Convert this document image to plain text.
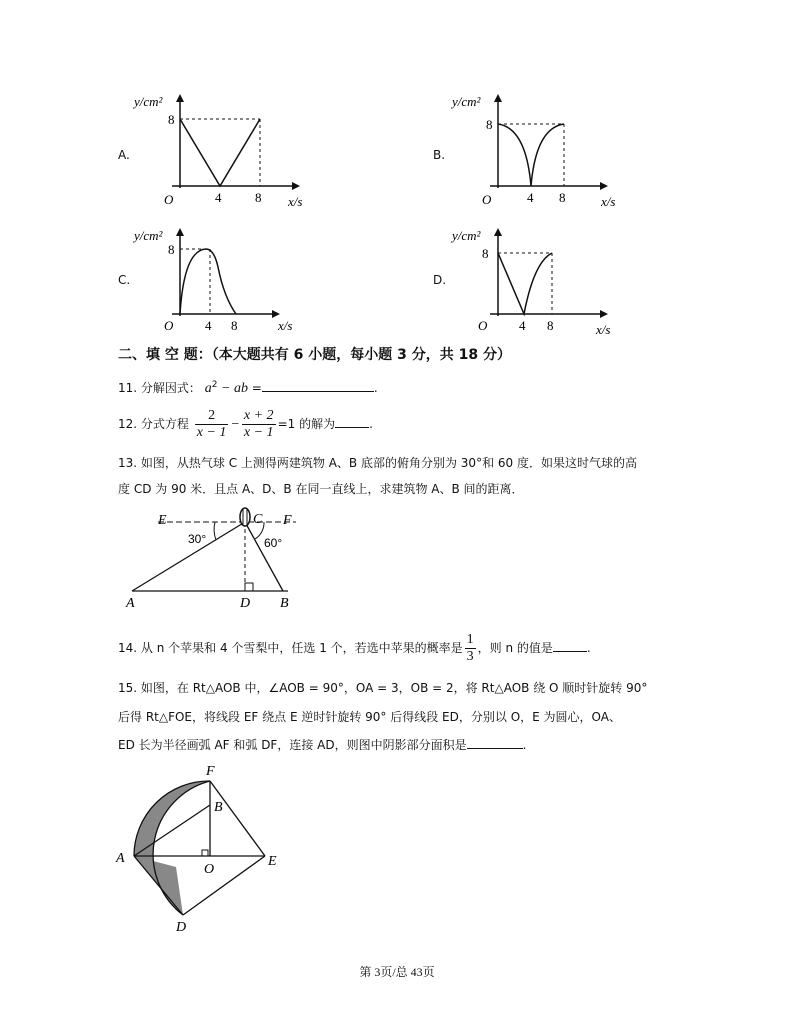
A.	B.
C.	D.
y/cm²
8
O	4	8 x/s
y/cm²
8
O	4 8	x/s
y/cm²
8
O 4 8	x/s
y/cm²
8
O 4 8	x/s
二、填 空 题：（本大题共有 6 小题，每小题 3 分，共 18 分）
11. 分解因式： $a^2$ − ab =	.
12. 分式方程 $\frac{2}{x - 1} - \frac{x + 2}{x - 1} =1$ 的解为	.
13. 如图，从热气球 C 上测得两建筑物 A、B 底部的俯角分别为 30°和 60 度．如果这时气球的高
度 CD 为 90 米．且点 A、D、B 在同一直线上，求建筑物 A、B 间的距离．
E	C F
30°	60°
A	D B
14. 从 n 个苹果和 4 个雪梨中，任选 1 个，若选中苹果的概率是 $\frac{1}{3}$ ，则 n 的值是	.
15. 如图，在 Rt△AOB 中，∠AOB = 90°，OA = 3，OB = 2，将 Rt△AOB 绕 O 顺时针旋转 90°
后得 Rt△FOE，将线段 EF 绕点 E 逆时针旋转 90° 后得线段 ED，分别以 O，E 为圆心，OA、
ED 长为半径画弧 AF 和弧 DF，连接 AD，则图中阴影部分面积是	.
F
B
A
O
E
D
第 3页/总 43页
